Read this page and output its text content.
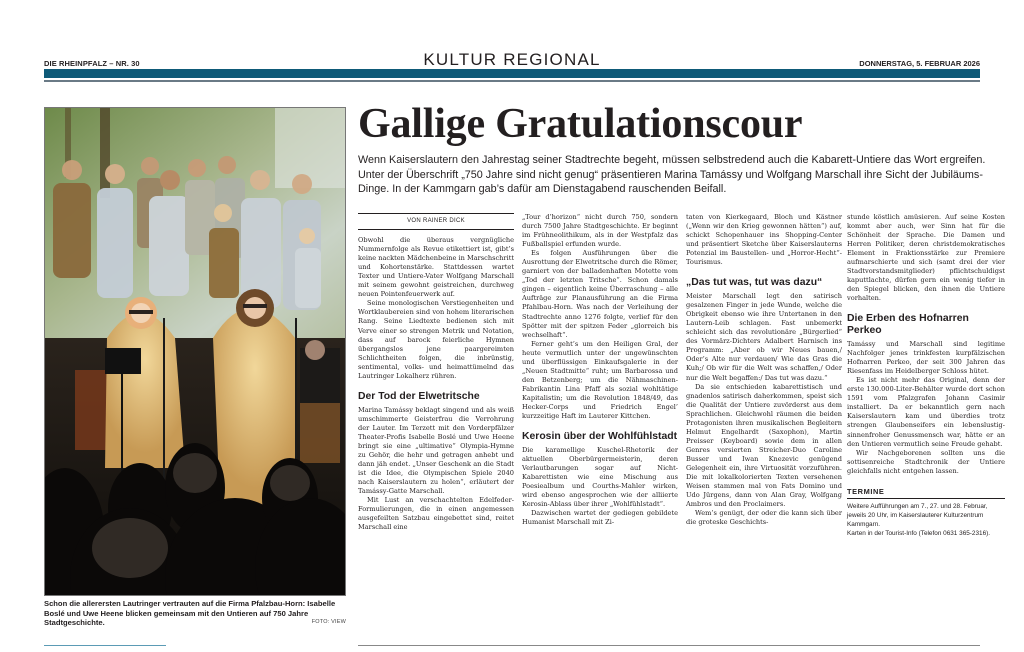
DIE RHEINPFALZ – NR. 30	KULTUR REGIONAL	DONNERSTAG, 5. FEBRUAR 2026
Schon die allerersten Lautringer vertrauten auf die Firma Pfalzbau-Horn: Isabelle Boslé und Uwe Heene blicken gemeinsam mit den Untieren auf 750 Jahre Stadtgeschichte.	FOTO: VIEW
Gallige Gratulationscour

Wenn Kaiserslautern den Jahrestag seiner Stadtrechte begeht, müssen selbstredend auch die Kabarett-Untiere das Wort ergreifen. Unter der Überschrift „750 Jahre sind nicht genug“ präsentieren Marina Tamássy und Wolfgang Marschall ihre Sicht der Jubiläums-Dinge. In der Kammgarn gab’s dafür am Dienstagabend rauschenden Beifall.

VON RAINER DICK

Obwohl die überaus vergnügliche Nummernfolge als Revue etikettiert ist, gibt’s keine nackten Mädchenbeine in Marschschritt und Kohortenstärke. Stattdessen wartet Texter und Untiere-Vater Wolfgang Marschall mit seinem gewohnt geistreichen, durchweg neuen Pointenfeuerwerk auf.

Seine monologischen Verstiegenheiten und Wortklaubereien sind von hohem literarischen Rang. Seine Liedtexte bedienen sich mit Verve einer so strengen Metrik und Notation, dass auf barock feierliche Hymnen übergangslos jene paargereimten Schlichtheiten folgen, die inbrünstig, sentimental, volks- und heimattümelnd das Lautringer Lokalherz rühren.

Der Tod der Elwetritsche

Marina Tamássy beklagt singend und als weiß umschimmerte Geisterfrau die Verrohrung der Lauter. Im Terzett mit den Vorderpfälzer Theater-Profis Isabelle Boslé und Uwe Heene bringt sie eine „ultimative“ Olympia-Hymne zu Gehör, die hehr und getragen anhebt und dann jäh endet. „Unser Geschenk an die Stadt ist die Idee, die Olympischen Spiele 2040 nach Kaiserslautern zu holen“, erläutert der Tamássy-Gatte Marschall.

Mit Lust an verschachtelten Edelfeder-Formulierungen, die in einen angemessen ausgefeilten Satzbau eingebettet sind, reitet Marschall eine

„Tour d’horizon“ nicht durch 750, sondern durch 7500 Jahre Stadtgeschichte. Er beginnt im Frühneolithikum, als in der Westpfalz das Fußballspiel erfunden wurde.

Es folgen Ausführungen über die Ausrottung der Elwetritsche durch die Römer, garniert von der balladenhaften Motette vom „Tod der letzten Tritsche“. Schon damals gingen – eigentlich keine Überraschung – alle Aufträge zur Planausführung an die Firma Pfahlbau-Horn. Was nach der Verleihung der Stadtrechte anno 1276 folgte, verlief für den Spötter mit der spitzen Feder „glorreich bis wechselhaft“.

Ferner geht’s um den Heiligen Gral, der heute vermutlich unter der ungewünschten und überflüssigen Einkaufsgalerie in der „Neuen Stadtmitte“ ruht; um Barbarossa und den Betzenberg; um die Nähmaschinen-Fabrikantin Lina Pfaff als sozial wohltätige Kapitalistin; um die Revolution 1848/49, das Hecker-Corps und Friedrich Engel’ kurzzeitige Haft im Lauterer Kittchen.

Kerosin über der Wohlfühlstadt

Die karamellige Kuschel-Rhetorik der aktuellen Oberbürgermeisterin, deren Verlautbarungen sogar auf Nicht-Kabarettisten wie eine Mischung aus Poesiealbum und Courths-Mahler wirken, wird ebenso angesprochen wie der alliierte Kerosin-Ablass über ihrer „Wohlfühlstadt“.

Dazwischen wartet der gediegen gebildete Humanist Marschall mit Zi-

taten von Kierkegaard, Bloch und Kästner („Wenn wir den Krieg gewonnen hätten“) auf, schickt Schopenhauer ins Shopping-Center und präsentiert Sketche über Kaiserslauterns Potenzial im Baustellen- und „Horror-Hecht“-Tourismus.

„Das tut was, tut was dazu“

Meister Marschall legt den satirisch gesalzenen Finger in jede Wunde, welche die Obrigkeit ebenso wie ihre Untertanen in den Lautern-Leib schlagen. Fast unbemerkt schleicht sich das revolutionäre „Bürgerlied“ des Vormärz-Dichters Adalbert Harnisch ins Programm: „Aber ob wir Neues bauen,/ Oder’s Alte nur verdauen/ Wie das Gras die Kuh;/ Ob wir für die Welt was schaffen,/ Oder nur die Welt begaffen:/ Das tut was dazu.“

Da sie entschieden kabarettistisch und gnadenlos satirisch daherkommen, speist sich die Qualität der Untiere zuvörderst aus dem Sprachlichen. Gleichwohl räumen die beiden Protagonisten ihren musikalischen Begleitern Helmut Engelhardt (Saxophon), Martin Preisser (Keyboard) sowie dem in allen Genres versierten Streicher-Duo Caroline Busser und Iwan Knezevic genügend Gelegenheit ein, ihre Virtuosität vorzuführen. Die mit lokalkolorierten Texten versehenen Weisen stammen mal von Fats Domino und Udo Jürgens, dann von Alan Gray, Wolfgang Ambros und den Proclaimers.

Wem’s genügt, der oder die kann sich über die groteske Geschichts-

stunde köstlich amüsieren. Auf seine Kosten kommt aber auch, wer Sinn hat für die Schönheit der Sprache. Die Damen und Herren Politiker, deren christdemokratisches Element in Fraktionsstärke zur Premiere aufmarschierte und sich (samt drei der vier Stadtvorstandsmitglieder) pflichtschuldigst kaputtlachte, dürfen gern ein wenig tiefer in den Spiegel blicken, den ihnen die Untiere vorhalten.

Die Erben des Hofnarren Perkeo

Tamássy und Marschall sind legitime Nachfolger jenes trinkfesten kurpfälzischen Hofnarren Perkeo, der seit 300 Jahren das Riesenfass im Heidelberger Schloss hütet.

Es ist nicht mehr das Original, denn der erste 130.000-Liter-Behälter wurde dort schon 1591 vom Pfalzgrafen Johann Casimir installiert. Da er bekanntlich gern nach Kaiserslautern kam und überdies trotz strengen Glaubenseifers ein lebenslustig-sinnenfroher Genussmensch war, hätte er an den Untieren vermutlich seine Freude gehabt.

Wir Nachgeborenen sollten uns die sottisenreiche Stadtchronik der Untiere gleichfalls nicht entgehen lassen.

TERMINE
Weitere Aufführungen am 7., 27. und 28. Februar, jeweils 20 Uhr, im Kaiserslauterer Kulturzentrum Kammgarn.
Karten in der Tourist-Info (Telefon 0631 365-2316).
